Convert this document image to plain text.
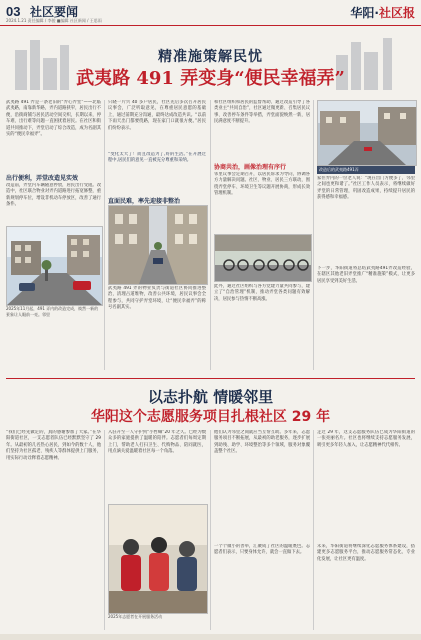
03 社区要闻
2024.1.21 责任编辑 / 李骏 ■编辑 社区新闻 / 王思雨
华阳·社区报
精准施策解民忧
武夷路 491 弄变身“便民幸福弄”
武夷路 491 弄是一条老旧的“弄心弄堂”——北临武夷路，南靠新华路，弄内道路狭窄，居民出行不便，沿街商铺与居民活动空间交织，长期以来，停车难、出行难等问题一直困扰着居民。在社区和街道共同推动下，弄堂启动了综合改造，成为名副其实的“便民幸福弄”。
出行便利，弄堂改造见实效
改造前，弄堂内车辆随意停放，居民出行受阻。改造中，社区联合物业对弄内道路进行拓宽修整，重新规划停车位，增设非机动车停放区，改善了通行条件。
2025年11月起，491 弄内的改造完成，焕然一新的景象让人眼前一亮。邻里
只晓一片兴 40 多户居民，社区先后多次召开居民议事会，广泛听取意见，在尊重居民意愿的基础上，通过前期充分沟通，最终达成改造共识。“以前下雨天出门都要绕路，现在家门口就很方便。”居民们纷纷表示。
“变化太大了！而且改造为了,好的生活。”在开展过程中,居民们的意见一直被充分尊重和采纳。
直面民难，率先迎接非整治
武夷路 491 弄的物业负责与街道社区协同推进整治，清理占道堆物，改善公共环境，居民议事会全程参与，共同守护弄堂环境，让“便民幸福弄”的称号名副其实。
和社区组织和居民的监督帮助、通过改造引导了各类业主“共同自治”，社区通过微更新、召集居民议事、改善停车条件等举措，弄堂面貌焕然一新，居民满意度不断提升。
协商共治，画像治理有序行
邻里议事会定期召开，以居民诉求为导向，协调各方力量解决问题。社区、物业、居民三方联动，围绕弄堂停车、环境卫生等议题开展协商，形成长效管理机制。
此外，通过社区组织与各方党建力量共同参与，建立了“自治管理”机制，推动弄堂各类问题有效解决，居民参与热情不断高涨。
改造后的武夷路491弄
家住弄内的一位老人说：“现在出门方便多了，邻里之间也更和谐了。”社区工作人员表示，将继续做好弄堂的日常管理，巩固改造成果，持续提升居民的获得感和幸福感。
下一步，华阳街道将总结武夷路491弄改造经验，在辖区其他老旧弄堂推广“精准施策”模式，让更多居民享受到美好生活。
以志扑航 情暖邻里
华阳这个志愿服务项目扎根社区 29 年
“我们已经先做定的，真的感谢参加了大家。”在华阳街道社区，一支志愿者队伍已经默默坚守了 29 年。从最初的几名热心居民，到如今的数十人，他们坚持为社区孤老、残疾人等群体提供上门服务，用实际行动诠释着志愿精神。
入驻开至一人守护到“小哲嘛”20 年之久。已经为数众多的家庭提供了温暖的陪伴。志愿者们每周定期上门，帮助老人打扫卫生、代购物品、陪同就医，用点滴关爱温暖着社区每一个角落。
2025年志愿者在开展服务活动
他们认为邻里之间就应当互帮互助。多年来，志愿服务项目不断拓展，从最初的助老服务，逐步扩展到助残、助学、环境整治等多个领域，服务对象覆盖整个社区。
一个个微小的善举，汇聚成了社区的温暖底色。志愿者们表示，只要身体允许，就会一直做下去。
走过 29 年，这支志愿服务队伍已成为华阳街道的一张亮丽名片。社区也将继续支持志愿服务发展，吸引更多年轻人加入，让志愿精神代代相传。
未来，华阳街道将继续深化志愿服务体系建设，搭建更多志愿服务平台，推动志愿服务常态化、专业化发展，让社区更有温度。
